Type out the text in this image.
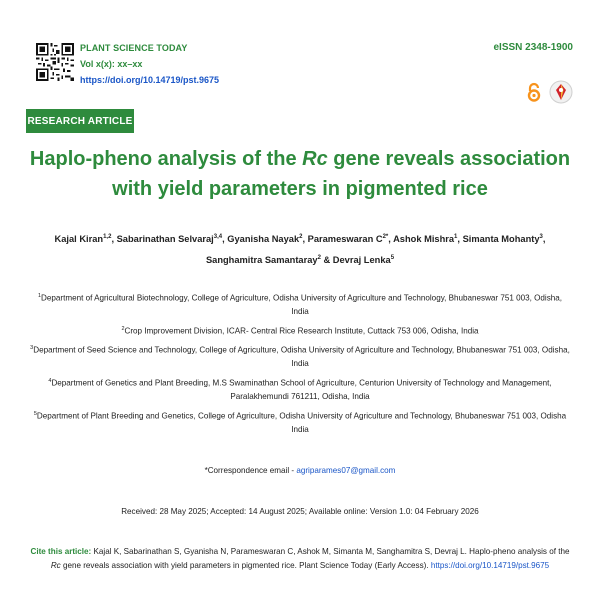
PLANT SCIENCE TODAY
Vol x(x): xx–xx
https://doi.org/10.14719/pst.9675
eISSN 2348-1900
RESEARCH ARTICLE
Haplo-pheno analysis of the Rc gene reveals association with yield parameters in pigmented rice
Kajal Kiran$^{1,2}$, Sabarinathan Selvaraj$^{3,4}$, Gyanisha Nayak$^2$, Parameswaran $C^{2*}$, Ashok Mishra$^1$, Simanta Mohanty$^3$,
Sanghamitra Samantaray$^2$ & Devraj Lenka$^5$
$^1$Department of Agricultural Biotechnology, College of Agriculture, Odisha University of Agriculture and Technology, Bhubaneswar 751 003, Odisha, India
$^2$Crop Improvement Division, ICAR- Central Rice Research Institute, Cuttack 753 006, Odisha, India
$^3$Department of Seed Science and Technology, College of Agriculture, Odisha University of Agriculture and Technology, Bhubaneswar 751 003, Odisha, India
$^4$Department of Genetics and Plant Breeding, M.S Swaminathan School of Agriculture, Centurion University of Technology and Management, Paralakhemundi 761211, Odisha, India
$^5$Department of Plant Breeding and Genetics, College of Agriculture, Odisha University of Agriculture and Technology, Bhubaneswar 751 003, Odisha India
*Correspondence email - agriparames07@gmail.com
Received: 28 May 2025; Accepted: 14 August 2025; Available online: Version 1.0: 04 February 2026
Cite this article: Kajal K, Sabarinathan S, Gyanisha N, Parameswaran C, Ashok M, Simanta M, Sanghamitra S, Devraj L. Haplo-pheno analysis of the Rc gene reveals association with yield parameters in pigmented rice. Plant Science Today (Early Access). https://doi.org/10.14719/pst.9675
